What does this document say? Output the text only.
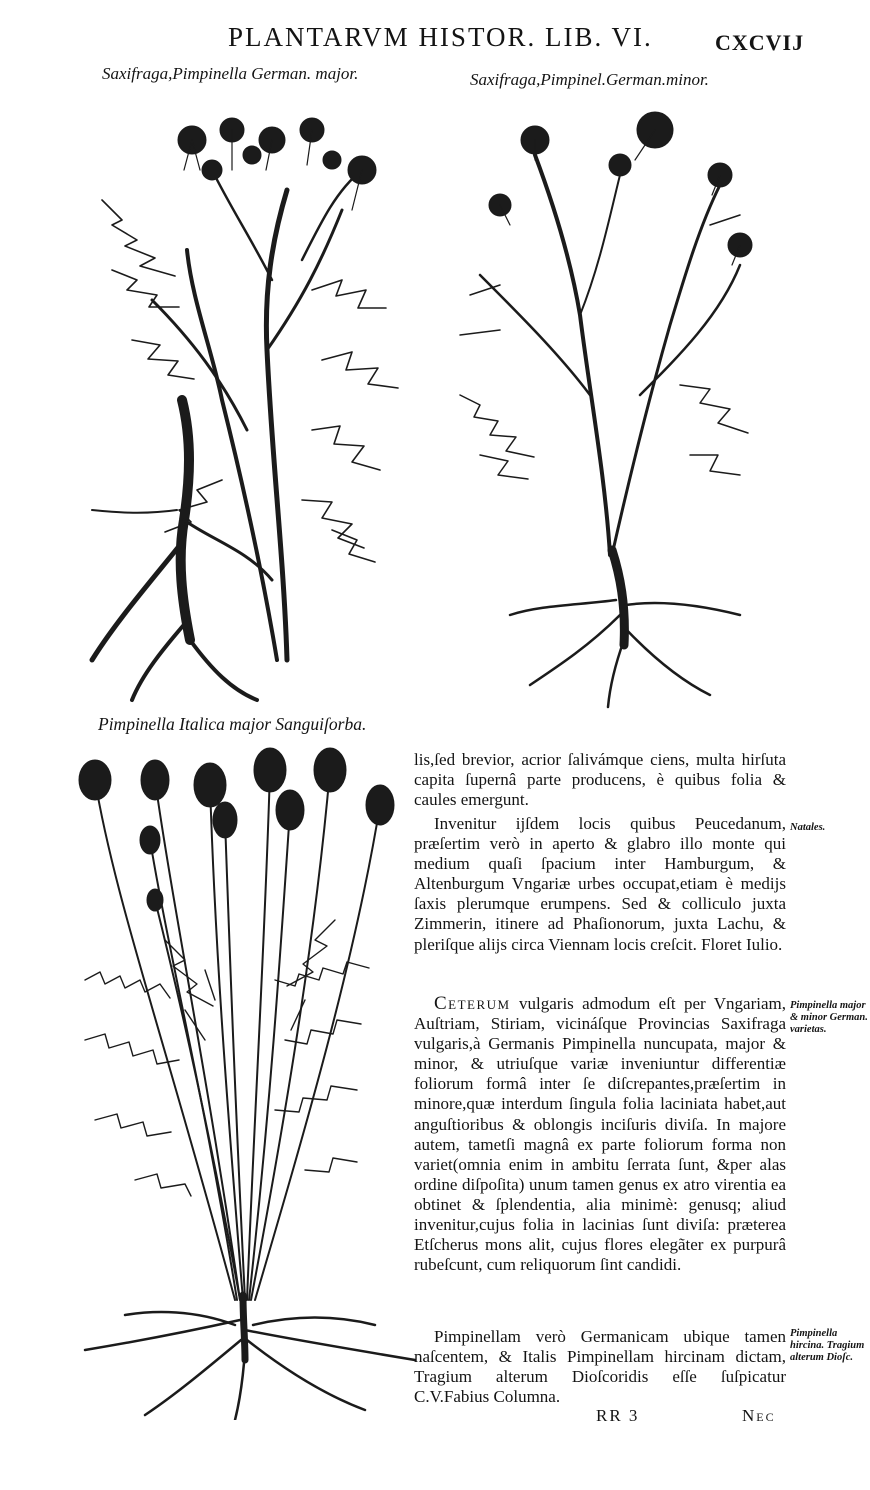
PLANTARVM HISTOR. LIB. VI.	CXCVIJ
Saxifraga,Pimpinella German. major.	Saxifraga,Pimpinel.German.minor.
Pimpinella Italica major Sanguiſorba.

lis,ſed brevior, acrior ſalivámque ciens, multa hirſuta capita ſupernâ parte producens, è quibus folia & caules emergunt.

Invenitur ijſdem locis quibus Peucedanum, præſertim verò in aperto & glabro illo monte qui medium quaſi ſpacium inter Hamburgum, & Altenburgum Vngariæ urbes occupat,etiam è medijs ſaxis plerumque erumpens. Sed & colliculo juxta Zimmerin, itinere ad Phaſionorum, juxta Lachu, & pleriſque alijs circa Viennam locis creſcit. Floret Iulio.

Ceterum vulgaris admodum eſt per Vngariam, Auſtriam, Stiriam, vicináſque Provincias Saxifraga vulgaris,à Germanis Pimpinella nuncupata, major & minor, & utriuſque variæ inveniuntur differentiæ foliorum formâ inter ſe diſcrepantes,præſertim in minore,quæ interdum ſingula folia laciniata habet,aut anguſtioribus & oblongis inciſuris diviſa. In majore autem, tametſi magnâ ex parte foliorum forma non variet(omnia enim in ambitu ſerrata ſunt, &per alas ordine diſpoſita) unum tamen genus ex atro virentia ea obtinet & ſplendentia, alia minimè: genusq; aliud invenitur,cujus folia in lacinias ſunt diviſa: præterea Etſcherus mons alit, cujus flores elegãter ex purpurâ rubeſcunt, cum reliquorum ſint candidi.

Pimpinellam verò Germanicam ubique tamen naſcentem, & Italis Pimpinellam hircinam dictam, Tragium alterum Dioſcoridis eſſe ſuſpicatur C.V.Fabius Columna.

Natales.
Pimpinella major & minor German. varietas.
Pimpinella hircina. Tragium alterum Dioſc.
RR 3	Nec
